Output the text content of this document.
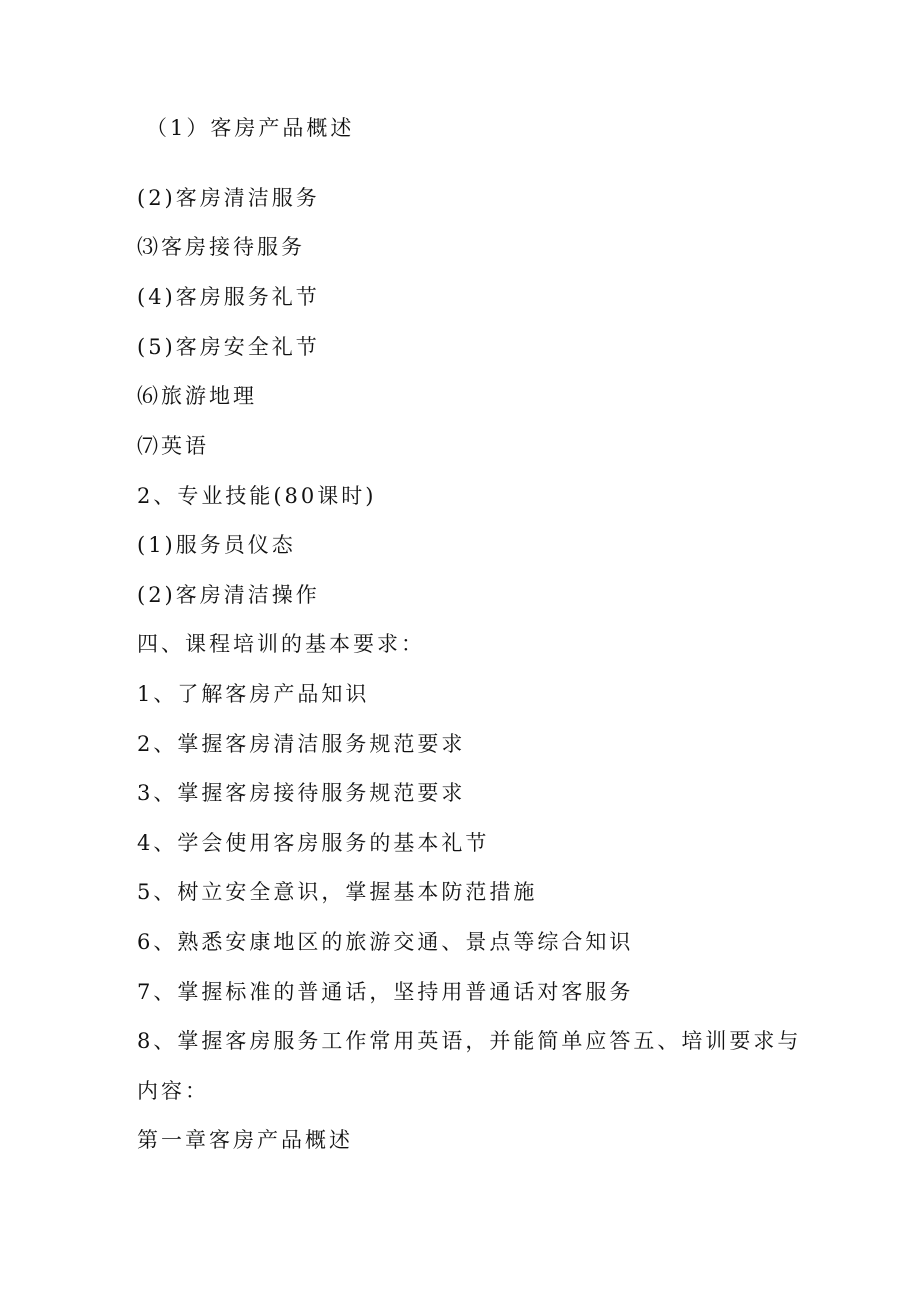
（1）客房产品概述
(2)客房清洁服务
⑶客房接待服务
(4)客房服务礼节
(5)客房安全礼节
⑹旅游地理
⑺英语
2、专业技能(80课时)
(1)服务员仪态
(2)客房清洁操作
四、课程培训的基本要求：
1、了解客房产品知识
2、掌握客房清洁服务规范要求
3、掌握客房接待服务规范要求
4、学会使用客房服务的基本礼节
5、树立安全意识，掌握基本防范措施
6、熟悉安康地区的旅游交通、景点等综合知识
7、掌握标准的普通话，坚持用普通话对客服务
8、掌握客房服务工作常用英语，并能简单应答五、培训要求与
内容：
第一章客房产品概述
